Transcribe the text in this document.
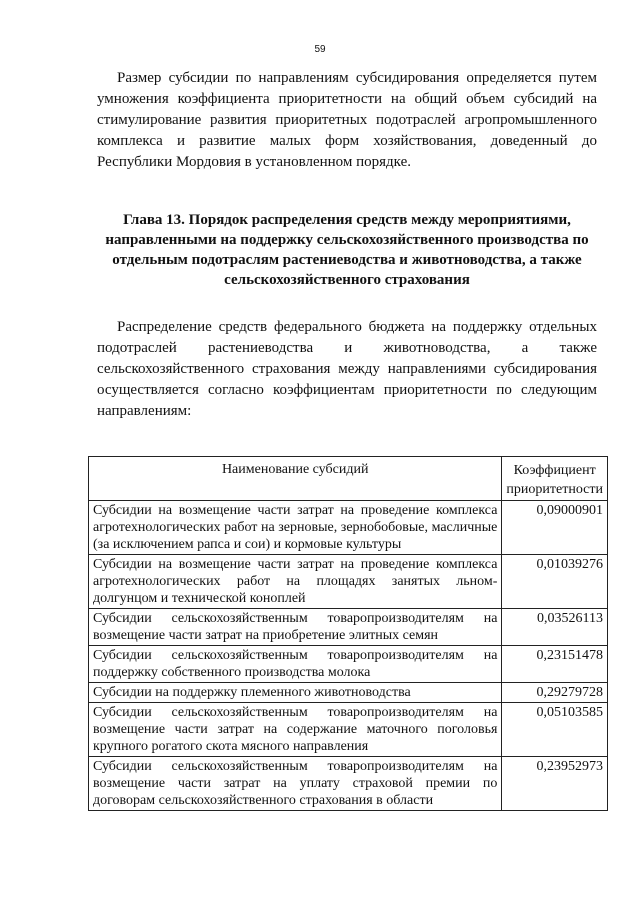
59

Размер субсидии по направлениям субсидирования определяется путем умножения коэффициента приоритетности на общий объем субсидий на стимулирование развития приоритетных подотраслей агропромышленного комплекса и развитие малых форм хозяйствования, доведенный до Республики Мордовия в установленном порядке.

Глава 13. Порядок распределения средств между мероприятиями, направленными на поддержку сельскохозяйственного производства по отдельным подотраслям растениеводства и животноводства, а также сельскохозяйственного страхования

Распределение средств федерального бюджета на поддержку отдельных подотраслей растениеводства и животноводства, а также сельскохозяйственного страхования между направлениями субсидирования осуществляется согласно коэффициентам приоритетности по следующим направлениям:

Наименование субсидий	Коэффициент приоритетности
Субсидии на возмещение части затрат на проведение комплекса агротехнологических работ на зерновые, зернобобовые, масличные (за исключением рапса и сои) и кормовые культуры	0,09000901
Субсидии на возмещение части затрат на проведение комплекса агротехнологических работ на площадях занятых льном-долгунцом и технической коноплей	0,01039276
Субсидии сельскохозяйственным товаропроизводителям на возмещение части затрат на приобретение элитных семян	0,03526113
Субсидии сельскохозяйственным товаропроизводителям на поддержку собственного производства молока	0,23151478
Субсидии на поддержку племенного животноводства	0,29279728
Субсидии сельскохозяйственным товаропроизводителям на возмещение части затрат на содержание маточного поголовья крупного рогатого скота мясного направления	0,05103585
Субсидии сельскохозяйственным товаропроизводителям на возмещение части затрат на уплату страховой премии по договорам сельскохозяйственного страхования в области	0,23952973
